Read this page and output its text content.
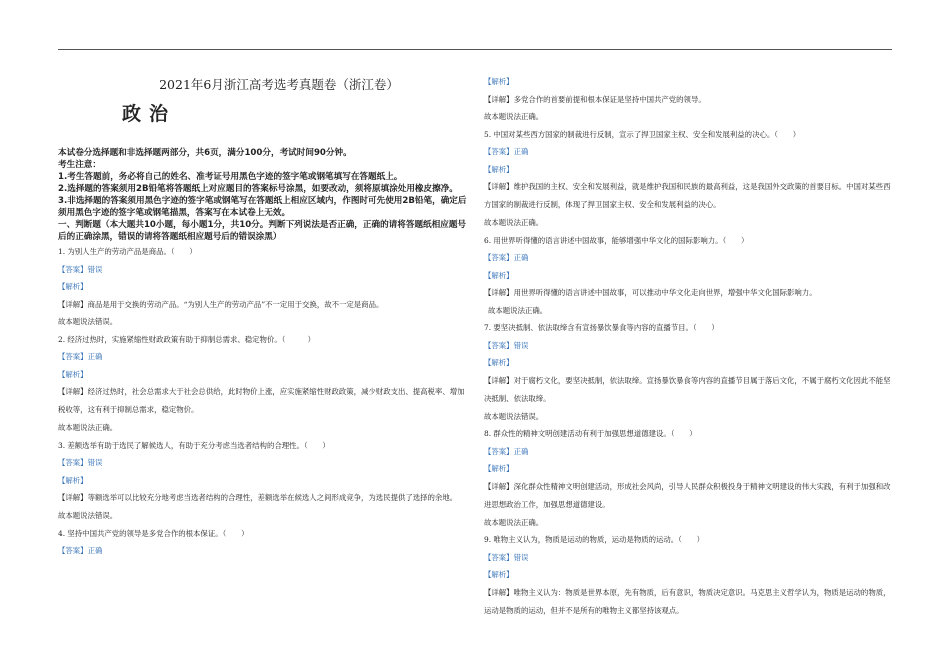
2021年6月浙江高考选考真题卷（浙江卷）
政治
本试卷分选择题和非选择题两部分，共6页，满分100分，考试时间90分钟。
考生注意：
1.考生答题前，务必将自己的姓名、准考证号用黑色字迹的签字笔或钢笔填写在答题纸上。
2.选择题的答案须用2B铅笔将答题纸上对应题目的答案标号涂黑，如要改动，须将原填涂处用橡皮擦净。
3.非选择题的答案须用黑色字迹的签字笔或钢笔写在答题纸上相应区域内，作图时可先使用2B铅笔，确定后须用黑色字迹的签字笔或钢笔描黑，答案写在本试卷上无效。
一、判断题（本大题共10小题，每小题1分，共10分。判断下列说法是否正确，正确的请将答题纸相应题号后的正确涂黑，错误的请将答题纸相应题号后的错误涂黑）
1. 为别人生产的劳动产品是商品。（　　）
【答案】错误
【解析】
【详解】商品是用于交换的劳动产品。“为别人生产的劳动产品”不一定用于交换，故不一定是商品。
故本题说法错误。
2. 经济过热时，实施紧缩性财政政策有助于抑制总需求、稳定物价。（　　　）
【答案】正确
【解析】
【详解】经济过热时，社会总需求大于社会总供给，此时物价上涨，应实施紧缩性财政政策，减少财政支出、提高税率、增加税收等，这有利于抑制总需求，稳定物价。
故本题说法正确。
3. 差额选举有助于选民了解候选人，有助于充分考虑当选者结构的合理性。（　　）
【答案】错误
【解析】
【详解】等额选举可以比较充分地考虑当选者结构的合理性，差额选举在候选人之间形成竞争，为选民提供了选择的余地。
故本题说法错误。
4. 坚持中国共产党的领导是多党合作的根本保证。（　　）
【答案】正确
【解析】
【详解】多党合作的首要前提和根本保证是坚持中国共产党的领导。
故本题说法正确。
5. 中国对某些西方国家的制裁进行反制，宣示了捍卫国家主权、安全和发展利益的决心。（　　）
【答案】正确
【解析】
【详解】维护我国的主权、安全和发展利益，就是维护我国和民族的最高利益，这是我国外交政策的首要目标。中国对某些西方国家的制裁进行反制，体现了捍卫国家主权、安全和发展利益的决心。
故本题说法正确。
6. 用世界听得懂的语言讲述中国故事，能够增强中华文化的国际影响力。（　　）
【答案】正确
【解析】
【详解】用世界听得懂的语言讲述中国故事，可以推动中华文化走向世界，增强中华文化国际影响力。
故本题说法正确。
7. 要坚决抵制、依法取缔含有宣扬暴饮暴食等内容的直播节目。（　　）
【答案】错误
【解析】
【详解】对于腐朽文化，要坚决抵制，依法取缔。宣扬暴饮暴食等内容的直播节目属于落后文化，不属于腐朽文化因此不能坚决抵制、依法取缔。
故本题说法错误。
8. 群众性的精神文明创建活动有利于加强思想道德建设。（　　）
【答案】正确
【解析】
【详解】深化群众性精神文明创建活动，形成社会风尚，引导人民群众积极投身于精神文明建设的伟大实践，有利于加强和改进思想政治工作，加强思想道德建设。
故本题说法正确。
9. 唯物主义认为，物质是运动的物质，运动是物质的运动。（　　）
【答案】错误
【解析】
【详解】唯物主义认为：物质是世界本原，先有物质，后有意识，物质决定意识。马克思主义哲学认为，物质是运动的物质，运动是物质的运动，但并不是所有的唯物主义都坚持该观点。
